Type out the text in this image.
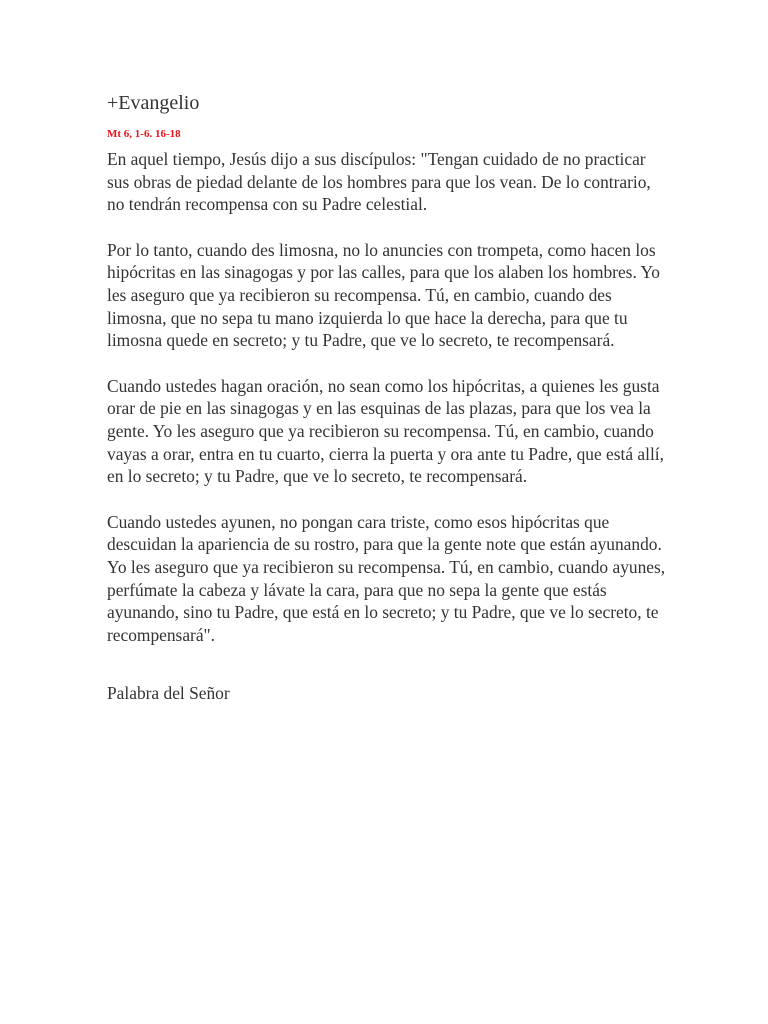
+Evangelio
Mt 6, 1-6. 16-18

En aquel tiempo, Jesús dijo a sus discípulos: "Tengan cuidado de no practicar sus obras de piedad delante de los hombres para que los vean. De lo contrario, no tendrán recompensa con su Padre celestial.

Por lo tanto, cuando des limosna, no lo anuncies con trompeta, como hacen los hipócritas en las sinagogas y por las calles, para que los alaben los hombres. Yo les aseguro que ya recibieron su recompensa. Tú, en cambio, cuando des limosna, que no sepa tu mano izquierda lo que hace la derecha, para que tu limosna quede en secreto; y tu Padre, que ve lo secreto, te recompensará.

Cuando ustedes hagan oración, no sean como los hipócritas, a quienes les gusta orar de pie en las sinagogas y en las esquinas de las plazas, para que los vea la gente. Yo les aseguro que ya recibieron su recompensa. Tú, en cambio, cuando vayas a orar, entra en tu cuarto, cierra la puerta y ora ante tu Padre, que está allí, en lo secreto; y tu Padre, que ve lo secreto, te recompensará.

Cuando ustedes ayunen, no pongan cara triste, como esos hipócritas que descuidan la apariencia de su rostro, para que la gente note que están ayunando. Yo les aseguro que ya recibieron su recompensa. Tú, en cambio, cuando ayunes, perfúmate la cabeza y lávate la cara, para que no sepa la gente que estás ayunando, sino tu Padre, que está en lo secreto; y tu Padre, que ve lo secreto, te recompensará".

Palabra del Señor
